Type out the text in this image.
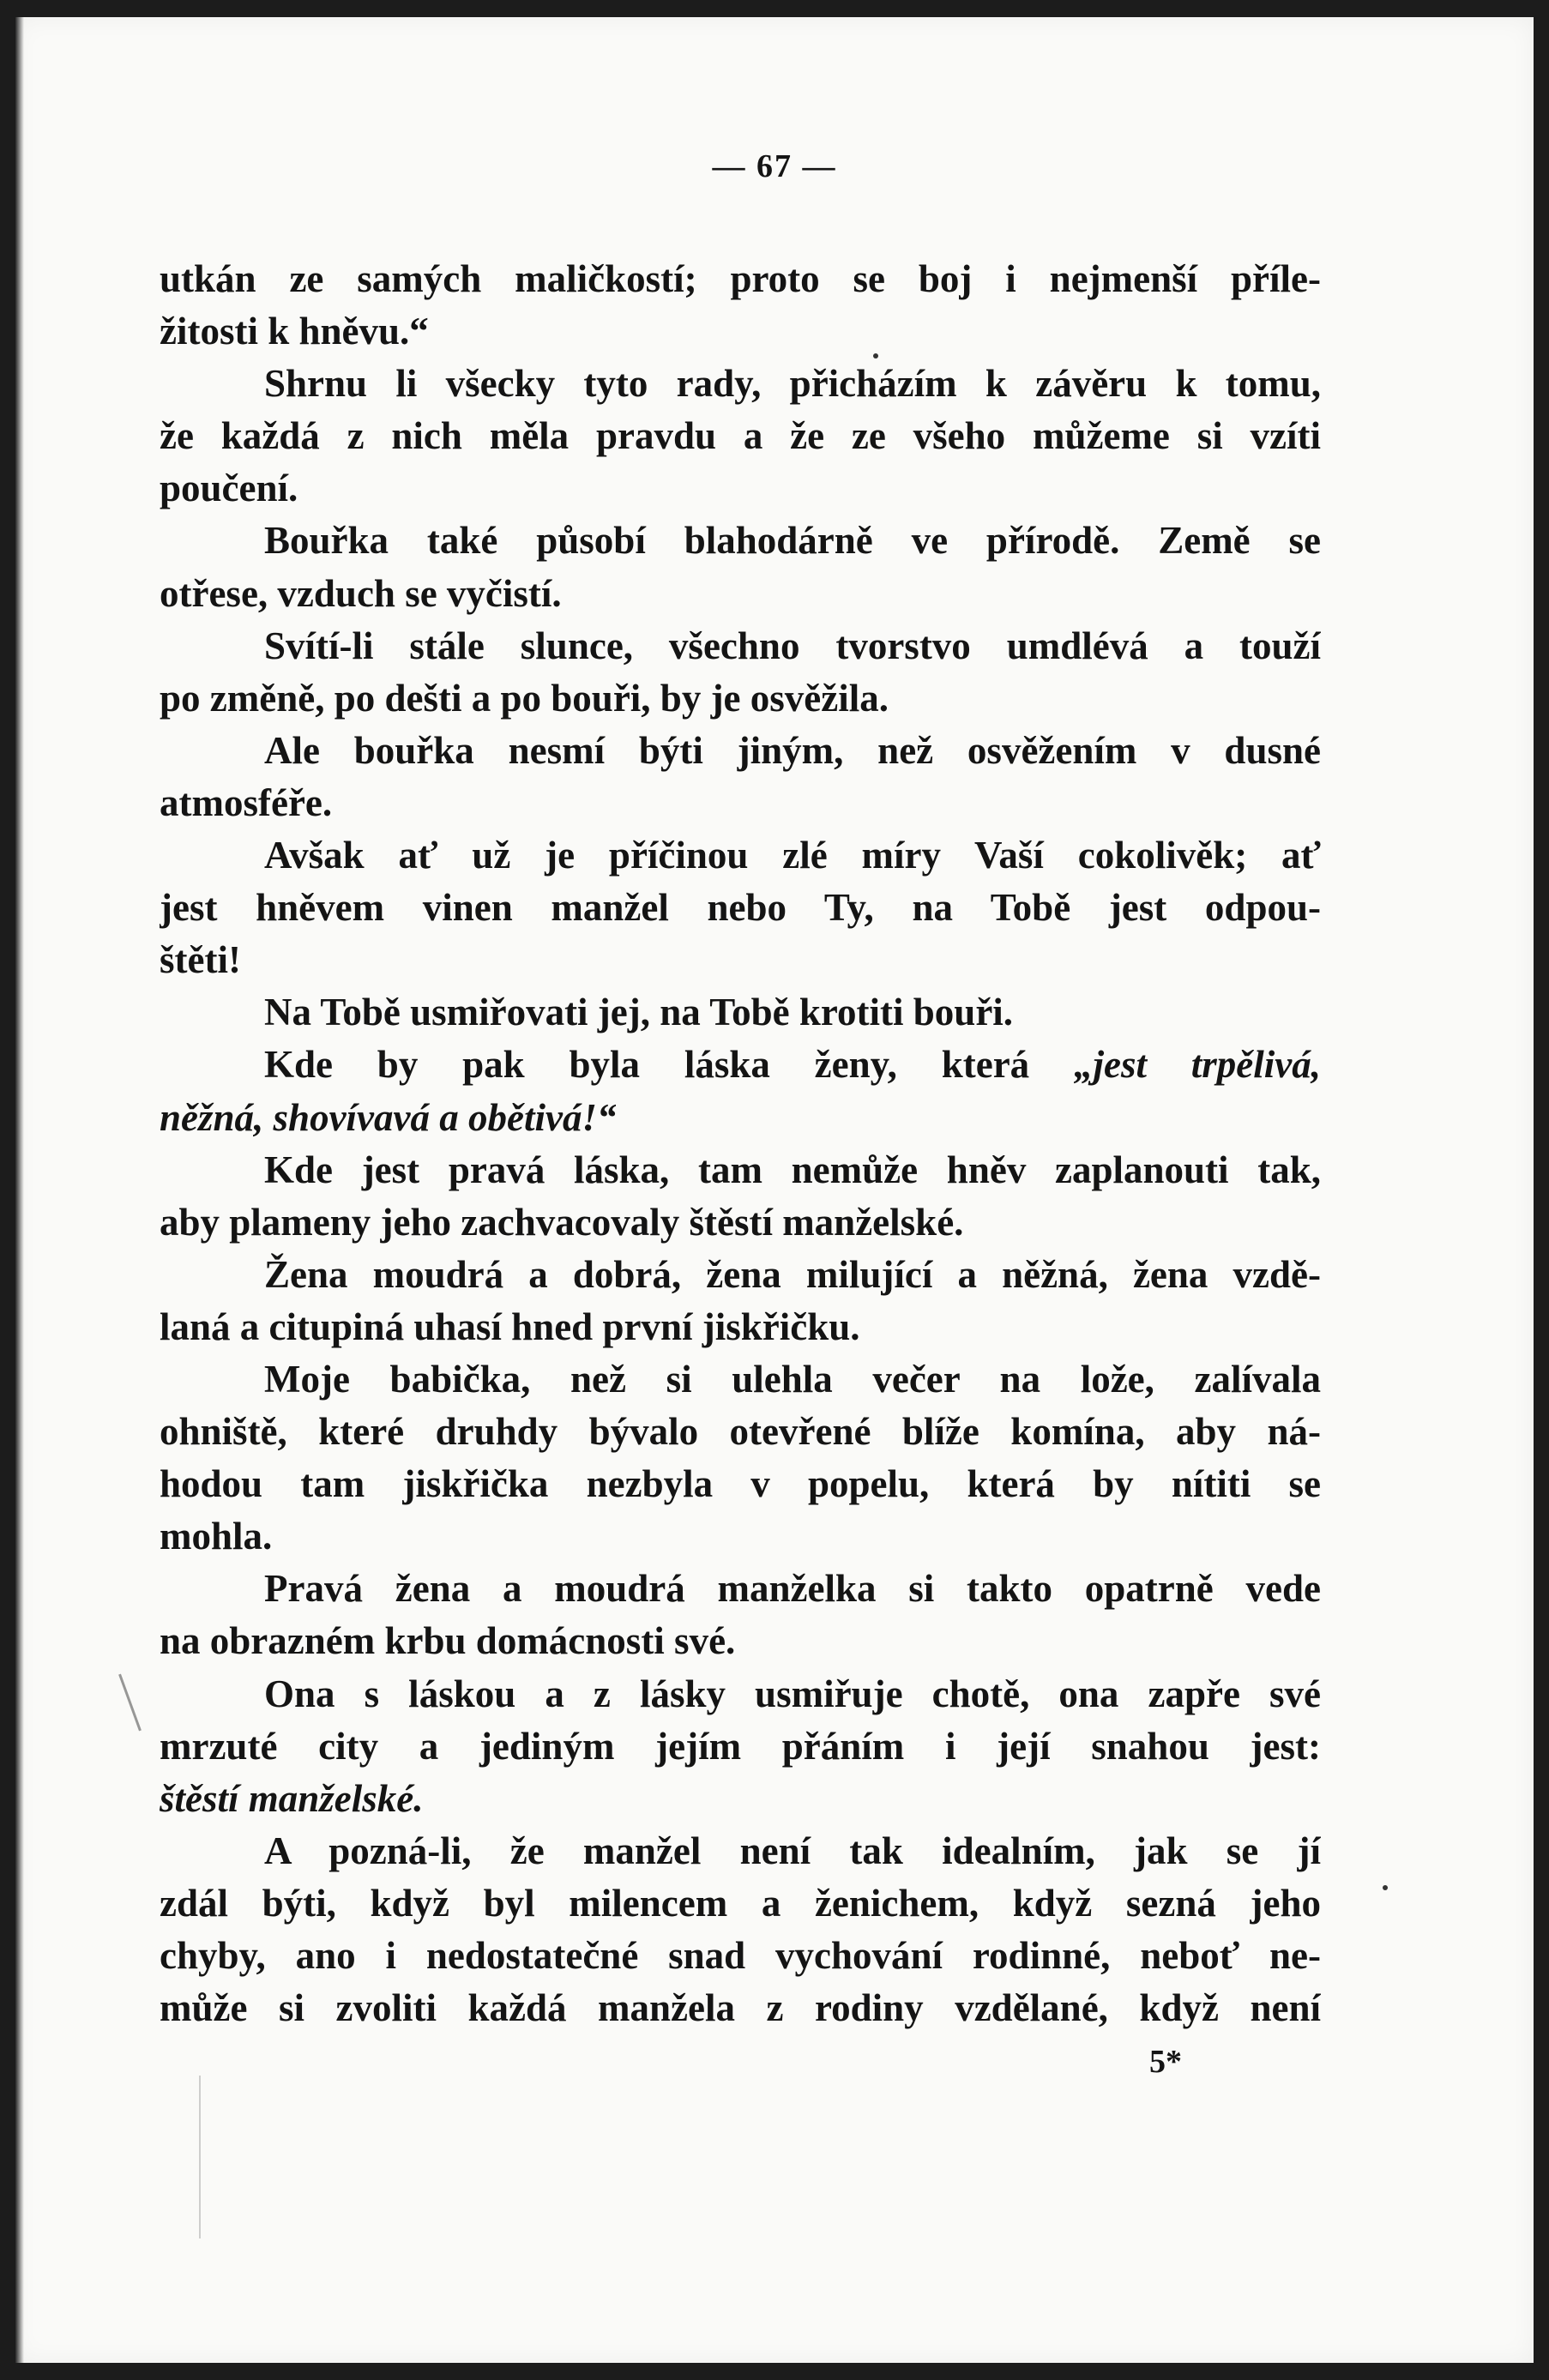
— 67 —
utkán ze samých maličkostí; proto se boj i nejmenší příle-
žitosti k hněvu.“
Shrnu li všecky tyto rady, přicházím k závěru k tomu,
že každá z nich měla pravdu a že ze všeho můžeme si vzíti
poučení.
Bouřka také působí blahodárně ve přírodě. Země se
otřese, vzduch se vyčistí.
Svítí-li stále slunce, všechno tvorstvo umdlévá a touží
po změně, po dešti a po bouři, by je osvěžila.
Ale bouřka nesmí býti jiným, než osvěžením v dusné
atmosféře.
Avšak ať už je příčinou zlé míry Vaší cokolivěk; ať
jest hněvem vinen manžel nebo Ty, na Tobě jest odpou-
štěti!
Na Tobě usmiřovati jej, na Tobě krotiti bouři.
Kde by pak byla láska ženy, která „jest trpělivá,
něžná, shovívavá a obětivá!“
Kde jest pravá láska, tam nemůže hněv zaplanouti tak,
aby plameny jeho zachvacovaly štěstí manželské.
Žena moudrá a dobrá, žena milující a něžná, žena vzdě-
laná a citupiná uhasí hned první jiskřičku.
Moje babička, než si ulehla večer na lože, zalívala
ohniště, které druhdy bývalo otevřené blíže komína, aby ná-
hodou tam jiskřička nezbyla v popelu, která by nítiti se
mohla.
Pravá žena a moudrá manželka si takto opatrně vede
na obrazném krbu domácnosti své.
Ona s láskou a z lásky usmiřuje chotě, ona zapře své
mrzuté city a jediným jejím přáním i její snahou jest:
štěstí manželské.
A pozná-li, že manžel není tak idealním, jak se jí
zdál býti, když byl milencem a ženichem, když sezná jeho
chyby, ano i nedostatečné snad vychování rodinné, neboť ne-
může si zvoliti každá manžela z rodiny vzdělané, když není
5*
